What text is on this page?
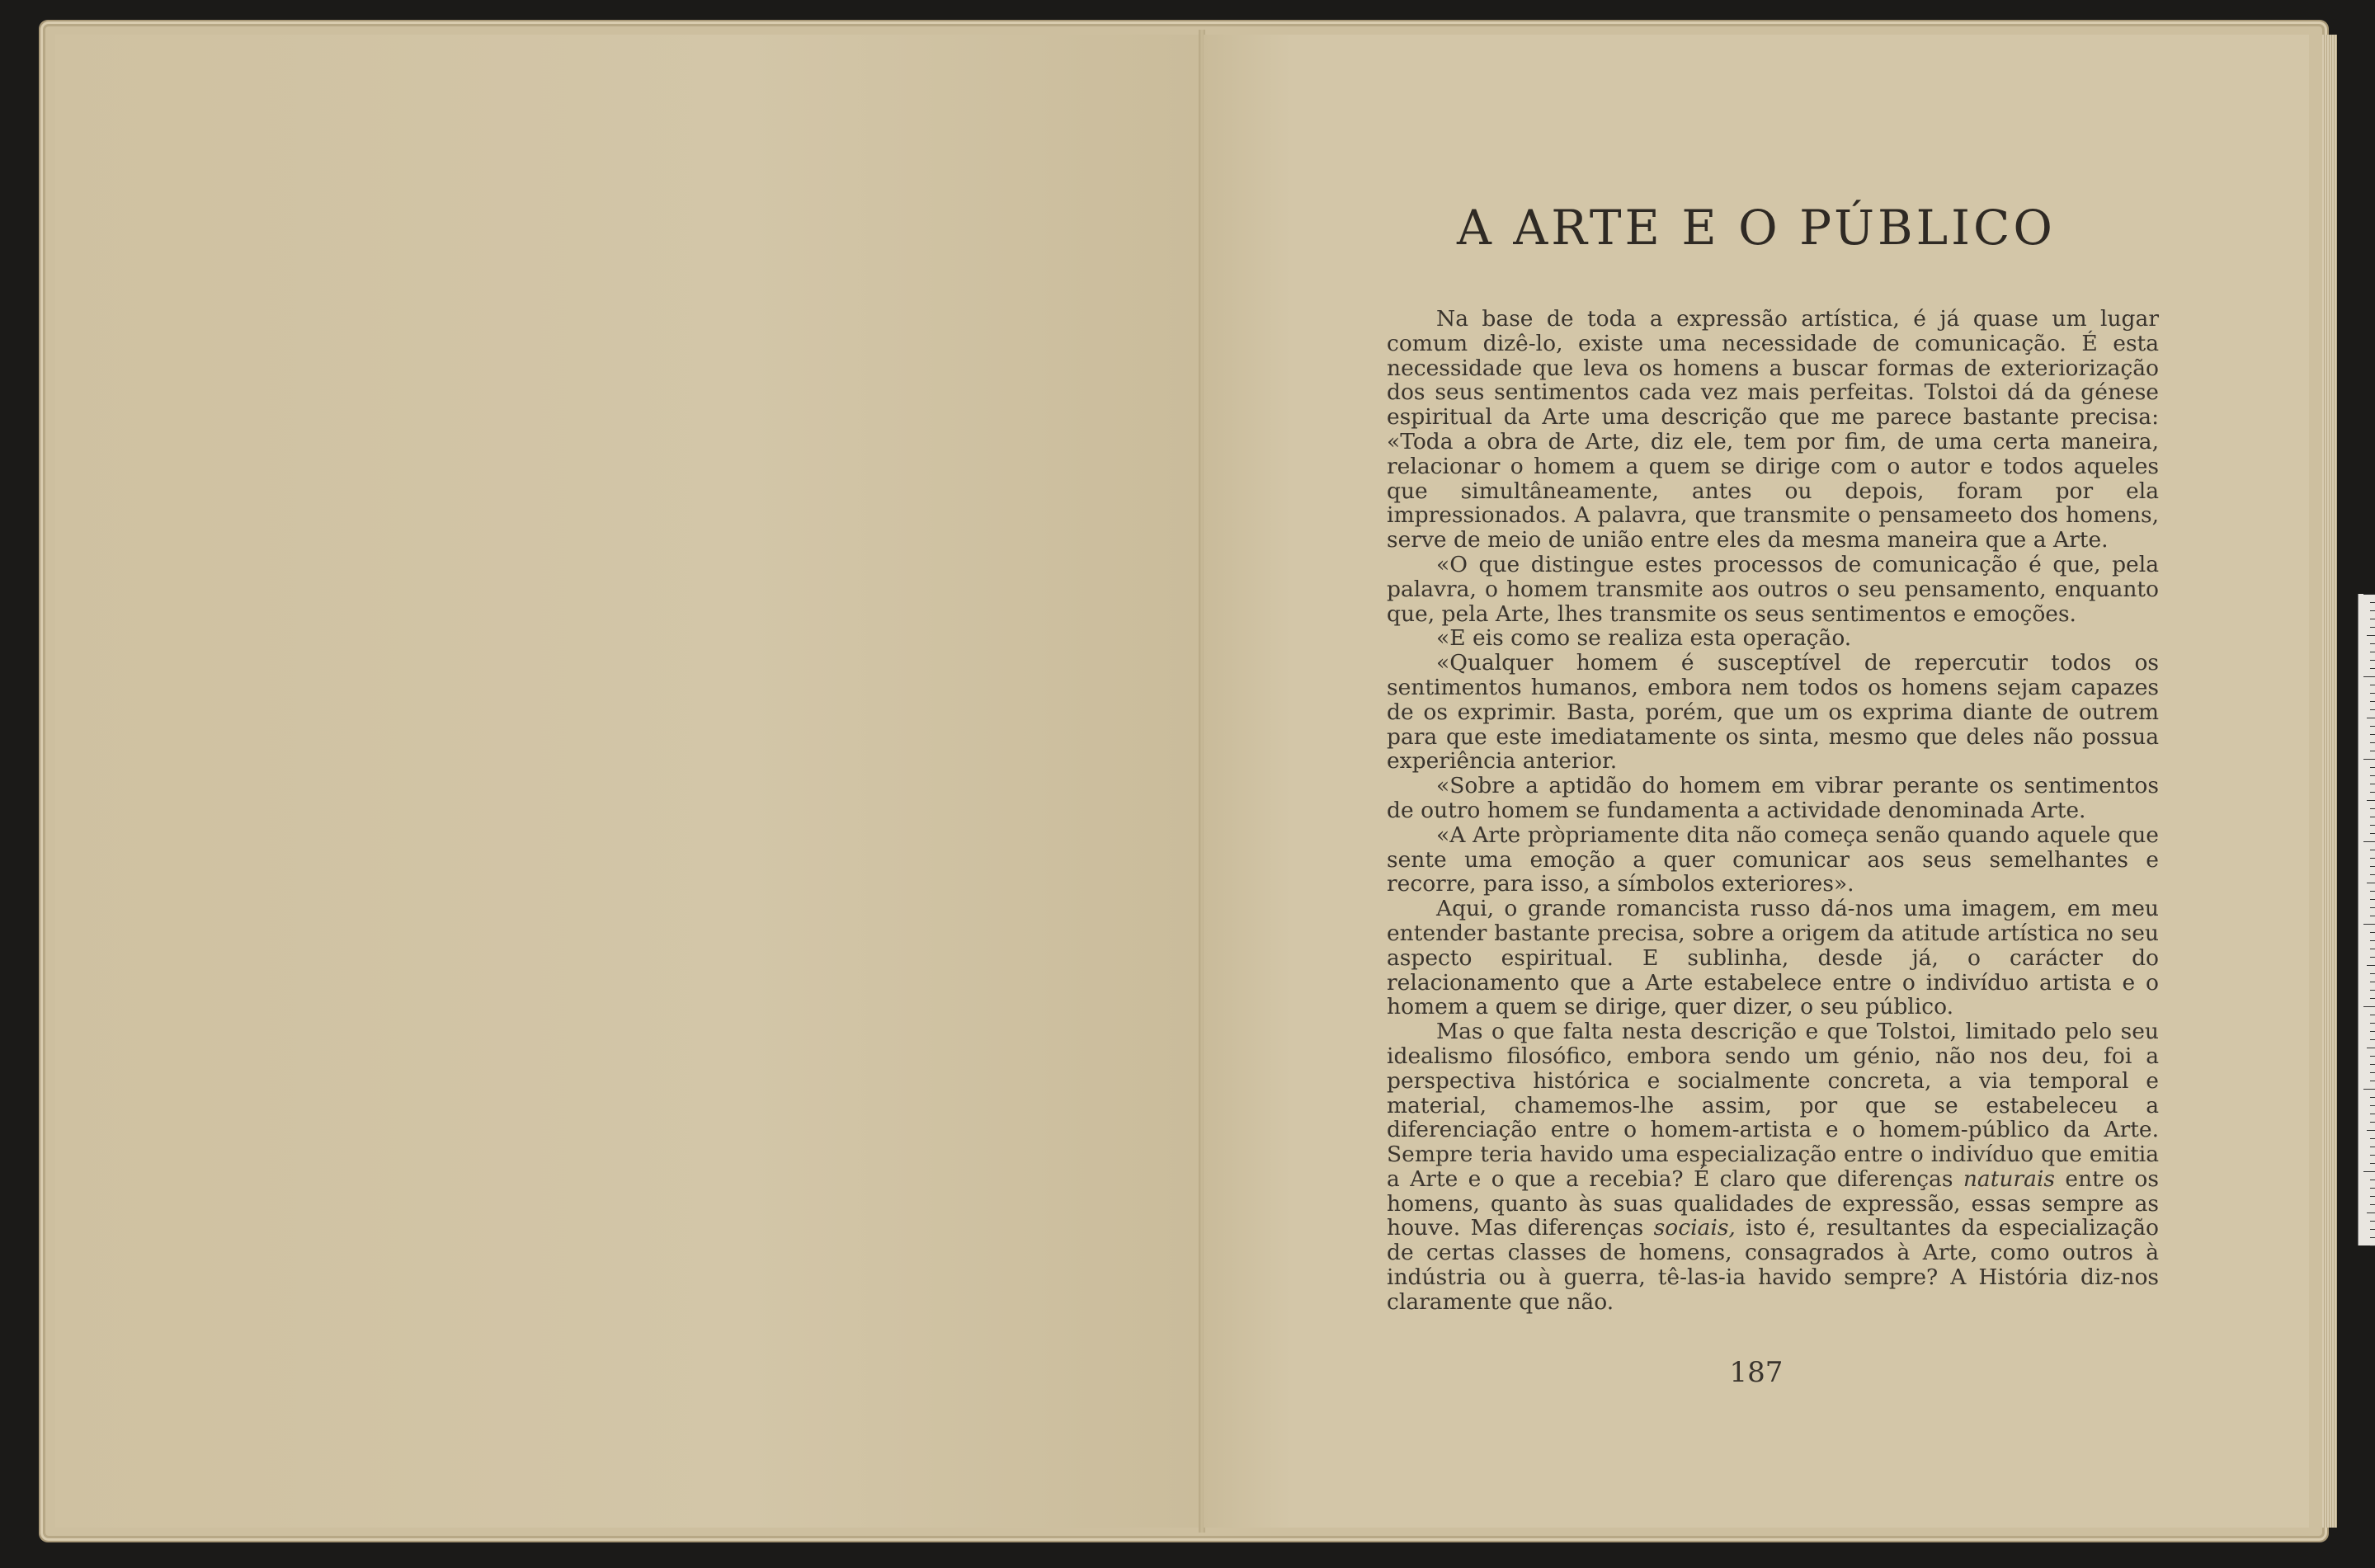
A ARTE E O PÚBLICO

Na base de toda a expressão artística, é já quase um lugar comum dizê-lo, existe uma necessidade de comunicação. É esta necessidade que leva os homens a buscar formas de exteriorização dos seus sentimentos cada vez mais perfeitas. Tolstoi dá da génese espiritual da Arte uma descrição que me parece bastante precisa: «Toda a obra de Arte, diz ele, tem por fim, de uma certa maneira, relacionar o homem a quem se dirige com o autor e todos aqueles que simultâneamente, antes ou depois, foram por ela impressionados. A palavra, que transmite o pensameeto dos homens, serve de meio de união entre eles da mesma maneira que a Arte.

«O que distingue estes processos de comunicação é que, pela palavra, o homem transmite aos outros o seu pensamento, enquanto que, pela Arte, lhes transmite os seus sentimentos e emoções.

«E eis como se realiza esta operação.

«Qualquer homem é susceptível de repercutir todos os sentimentos humanos, embora nem todos os homens sejam capazes de os exprimir. Basta, porém, que um os exprima diante de outrem para que este imediatamente os sinta, mesmo que deles não possua experiência anterior.

«Sobre a aptidão do homem em vibrar perante os sentimentos de outro homem se fundamenta a actividade denominada Arte.

«A Arte pròpriamente dita não começa senão quando aquele que sente uma emoção a quer comunicar aos seus semelhantes e recorre, para isso, a símbolos exteriores».

Aqui, o grande romancista russo dá-nos uma imagem, em meu entender bastante precisa, sobre a origem da atitude artística no seu aspecto espiritual. E sublinha, desde já, o carácter do relacionamento que a Arte estabelece entre o indivíduo artista e o homem a quem se dirige, quer dizer, o seu público.

Mas o que falta nesta descrição e que Tolstoi, limitado pelo seu idealismo filosófico, embora sendo um génio, não nos deu, foi a perspectiva histórica e socialmente concreta, a via temporal e material, chamemos-lhe assim, por que se estabeleceu a diferenciação entre o homem-artista e o homem-público da Arte. Sempre teria havido uma especialização entre o indivíduo que emitia a Arte e o que a recebia? É claro que diferenças naturais entre os homens, quanto às suas qualidades de expressão, essas sempre as houve. Mas diferenças sociais, isto é, resultantes da especialização de certas classes de homens, consagrados à Arte, como outros à indústria ou à guerra, tê-las-ia havido sempre? A História diz-nos claramente que não.

187
